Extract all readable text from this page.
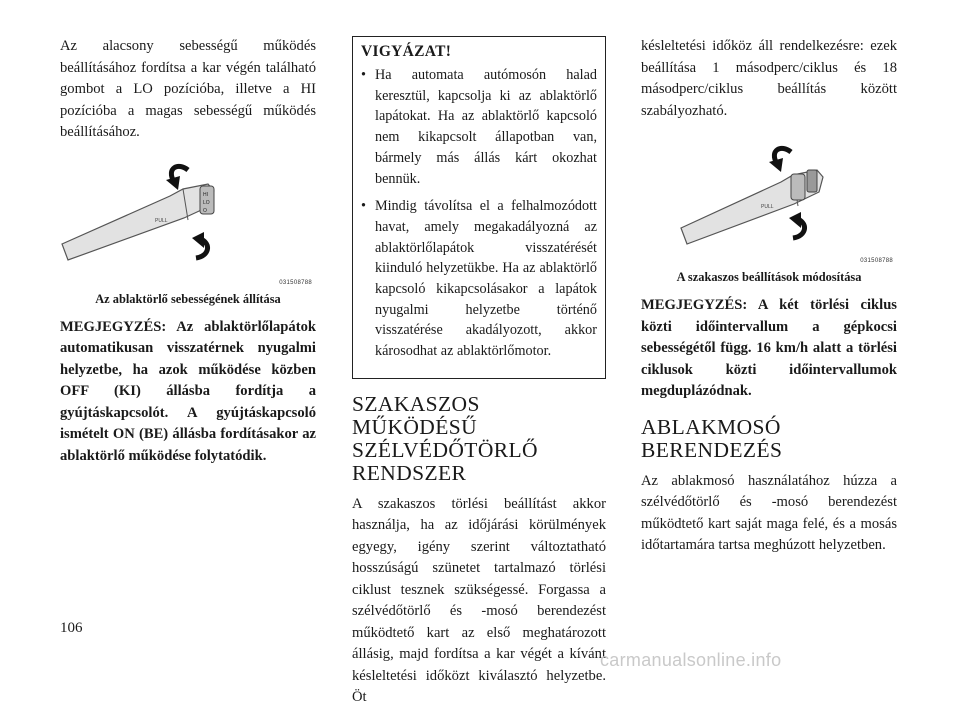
Az alacsony sebességű működés beállításához fordítsa a kar végén található gombot a LO pozícióba, illetve a HI pozícióba a magas sebességű működés beállításához.

PULL
HI
LO
O
031508788
Az ablaktörlő sebességének állítása

MEGJEGYZÉS: Az ablaktörlőlapátok automatikusan visszatérnek nyugalmi helyzetbe, ha azok működése közben OFF (KI) állásba fordítja a gyújtáskapcsolót. A gyújtáskapcsoló ismételt ON (BE) állásba fordításakor az ablaktörlő működése folytatódik.

VIGYÁZAT!
• Ha automata autómosón halad keresztül, kapcsolja ki az ablaktörlő lapátokat. Ha az ablaktörlő kapcsoló nem kikapcsolt állapotban van, bármely más állás kárt okozhat bennük.
• Mindig távolítsa el a felhalmozódott havat, amely megakadályozná az ablaktörlőlapátok visszatérését kiinduló helyzetükbe. Ha az ablaktörlő kapcsoló kikapcsolásakor a lapátok nyugalmi helyzetbe történő visszatérése akadályozott, akkor károsodhat az ablaktörlőmotor.
SZAKASZOS MŰKÖDÉSŰ SZÉLVÉDŐTÖRLŐ RENDSZER

A szakaszos törlési beállítást akkor használja, ha az időjárási körülmények egyegy, igény szerint változtatható hosszúságú szünetet tartalmazó törlési ciklust tesznek szükségessé. Forgassa a szélvédőtörlő és -mosó berendezést működtető kart az első meghatározott állásig, majd fordítsa a kar végét a kívánt késleltetési időközt kiválasztó helyzetbe. Öt

késleltetési időköz áll rendelkezésre: ezek beállítása 1 másodperc/ciklus és 18 másodperc/ciklus beállítás között szabályozható.

PULL
031508788
A szakaszos beállítások módosítása

MEGJEGYZÉS: A két törlési ciklus közti időintervallum a gépkocsi sebességétől függ. 16 km/h alatt a törlési ciklusok közti időintervallumok megduplázódnak.

ABLAKMOSÓ BERENDEZÉS

Az ablakmosó használatához húzza a szélvédőtörlő és -mosó berendezést működtető kart saját maga felé, és a mosás időtartamára tartsa meghúzott helyzetben.

106
carmanualsonline.info
